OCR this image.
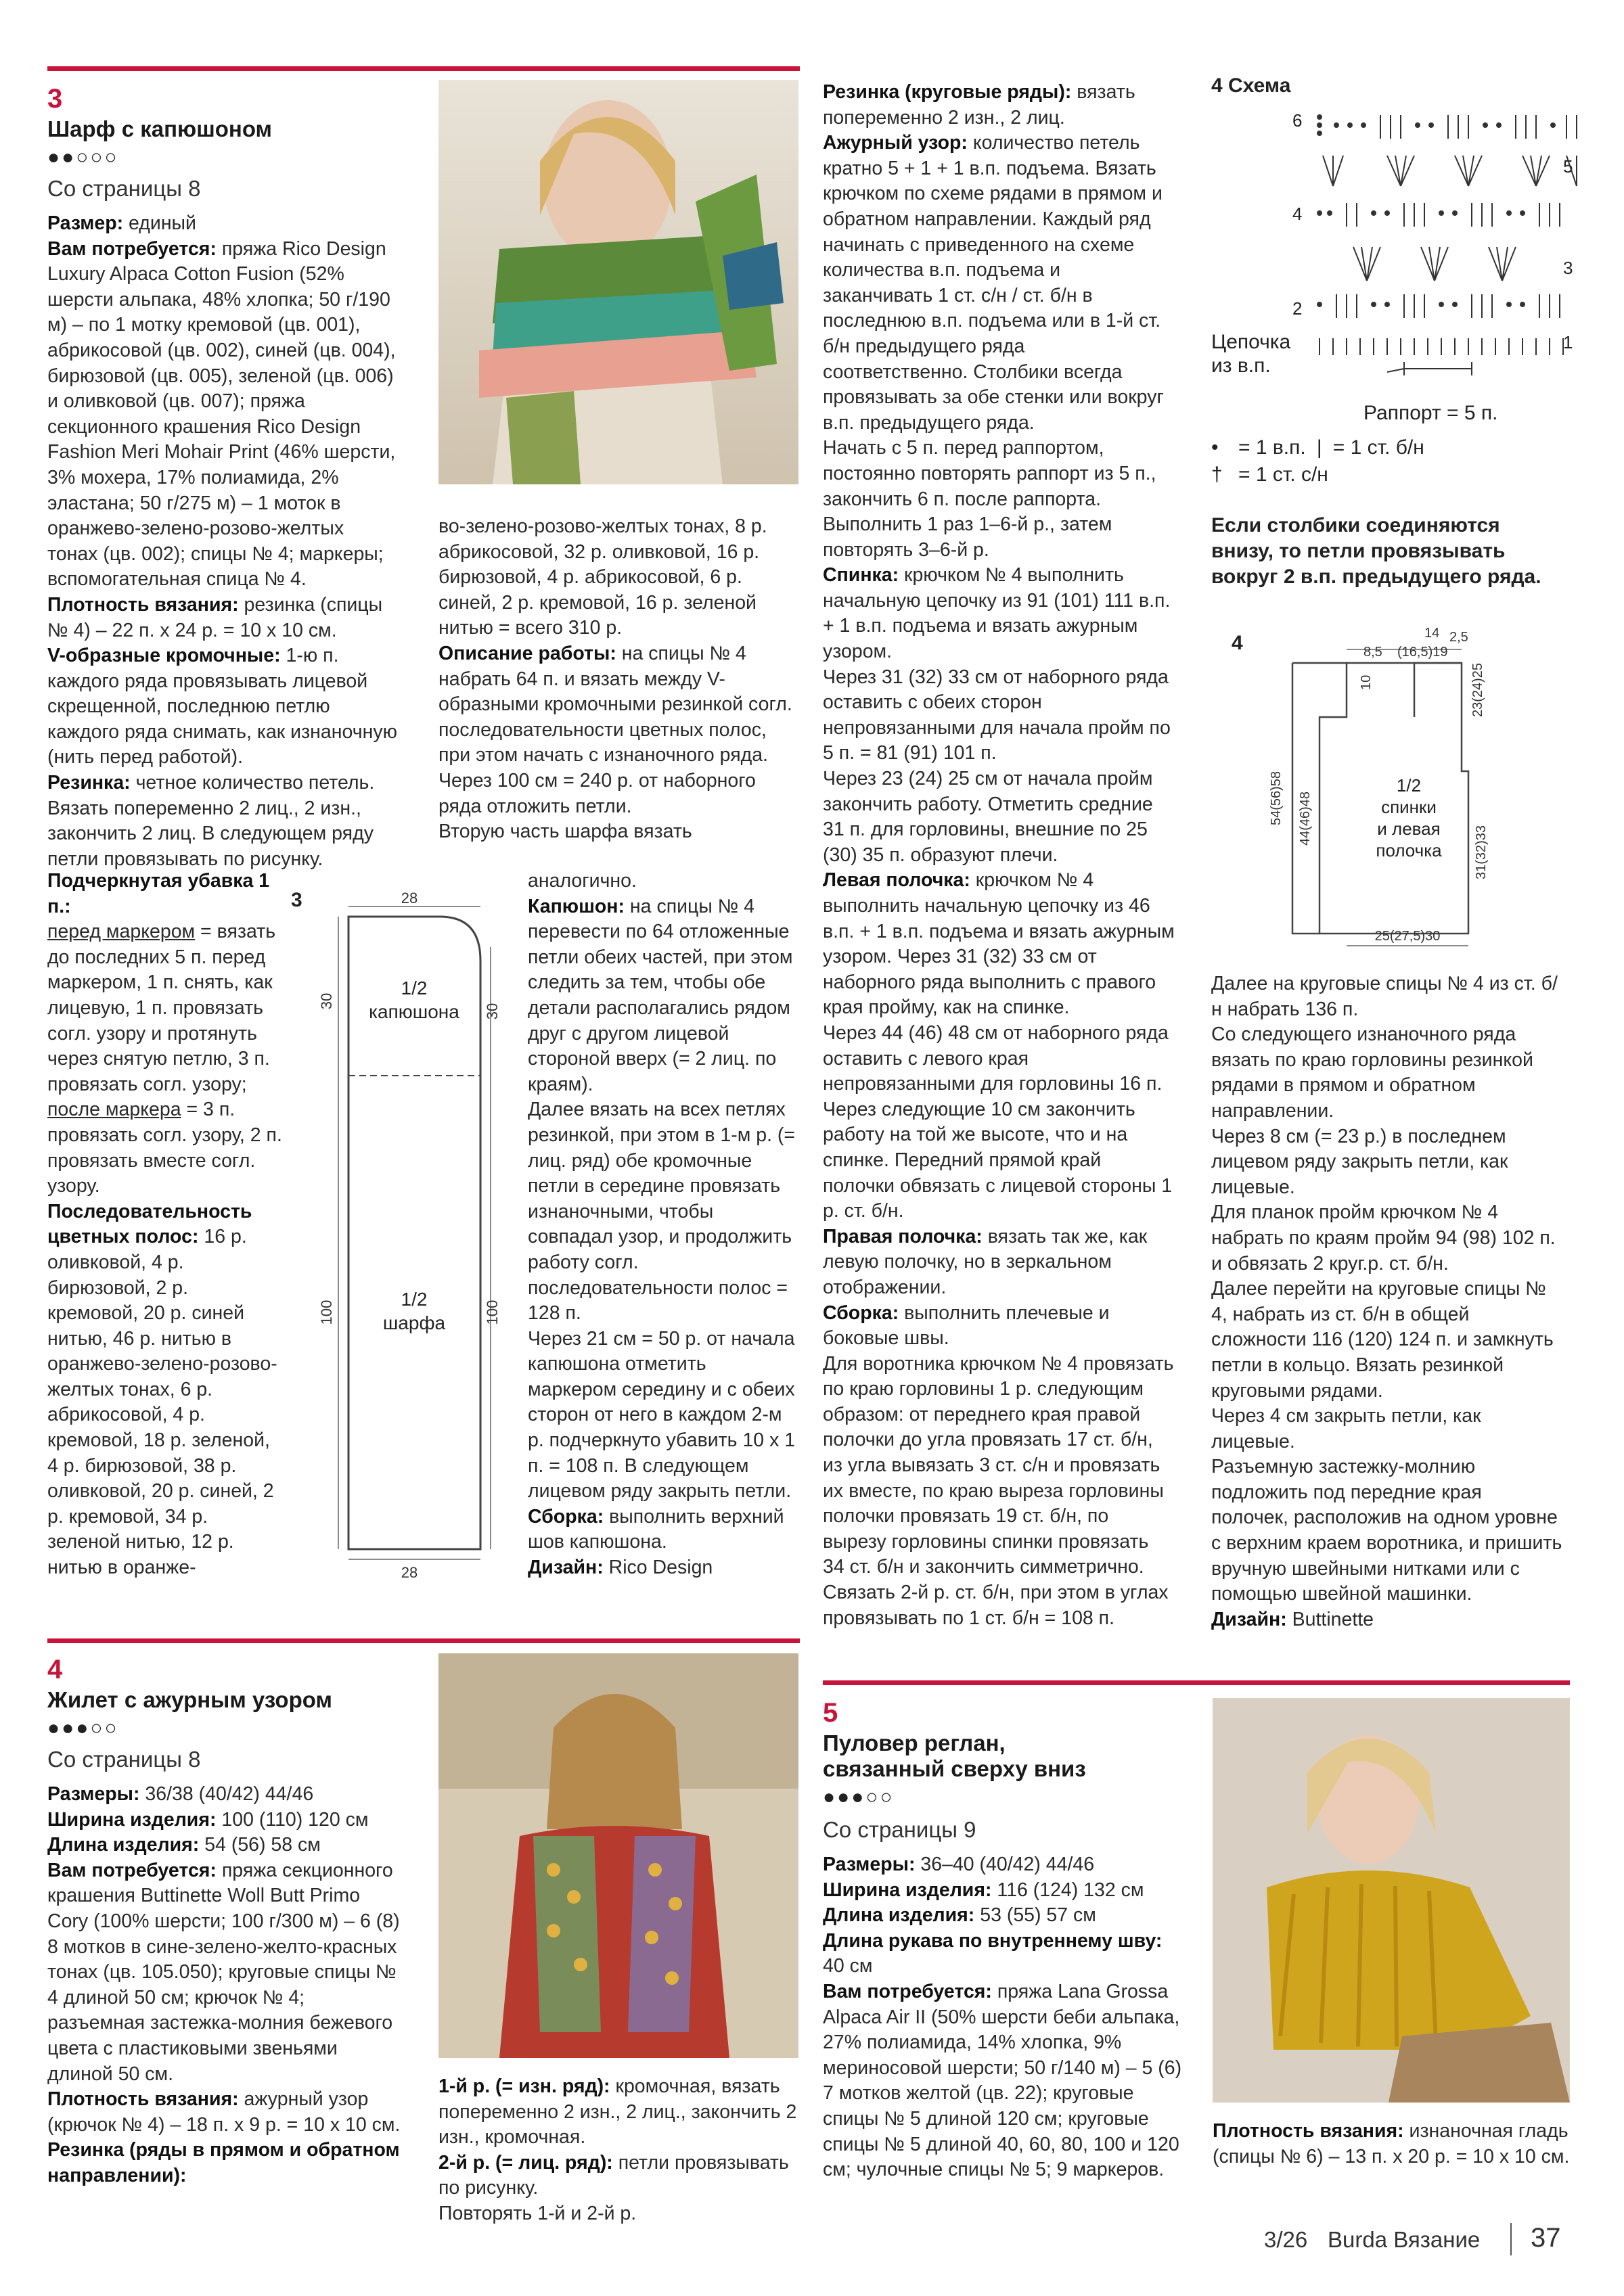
3
Шарф с капюшоном
●●○○○
Со страницы 8

Размер: единый

Вам потребуется: пряжа Rico Design Luxury Alpaca Cotton Fusion (52% шерсти альпака, 48% хлопка; 50 г/190 м) – по 1 мотку кремовой (цв. 001), абрикосовой (цв. 002), синей (цв. 004), бирюзовой (цв. 005), зеленой (цв. 006) и оливковой (цв. 007); пряжа секционного крашения Rico Design Fashion Meri Mohair Print (46% шерсти, 3% мохера, 17% полиамида, 2% эластана; 50 г/275 м) – 1 моток в оранжево-зелено-розово-желтых тонах (цв. 002); спицы № 4; маркеры; вспомогательная спица № 4.

Плотность вязания: резинка (спицы № 4) – 22 п. х 24 р. = 10 х 10 см.

V-образные кромочные: 1-ю п. каждого ряда провязывать лицевой скрещенной, последнюю петлю каждого ряда снимать, как изнаночную (нить перед работой).

Резинка: четное количество петель. Вязать попеременно 2 лиц., 2 изн., закончить 2 лиц. В следующем ряду петли провязывать по рисунку.

Подчеркнутая убавка 1 п.:

перед маркером = вязать до последних 5 п. перед маркером, 1 п. снять, как лицевую, 1 п. провязать согл. узору и протянуть через снятую петлю, 3 п. провязать согл. узору;

после маркера = 3 п. провязать согл. узору, 2 п. провязать вместе согл. узору.

Последовательность цветных полос: 16 р. оливковой, 4 р. бирюзовой, 2 р. кремовой, 20 р. синей нитью, 46 р. нитью в оранжево-зелено-розово-желтых тонах, 6 р. абрикосовой, 4 р. кремовой, 18 р. зеленой, 4 р. бирюзовой, 38 р. оливковой, 20 р. синей, 2 р. кремовой, 34 р. зеленой нитью, 12 р. нитью в оранже-

во-зелено-розово-желтых тонах, 8 р. абрикосовой, 32 р. оливковой, 16 р. бирюзовой, 4 р. абрикосовой, 6 р. синей, 2 р. кремовой, 16 р. зеленой нитью = всего 310 р.

Описание работы: на спицы № 4 набрать 64 п. и вязать между V-образными кромочными резинкой согл. последовательности цветных полос, при этом начать с изнаночного ряда.

Через 100 см = 240 р. от наборного ряда отложить петли.

Вторую часть шарфа вязать

аналогично.

Капюшон: на спицы № 4 перевести по 64 отложенные петли обеих частей, при этом следить за тем, чтобы обе детали располагались рядом друг с другом лицевой стороной вверх (= 2 лиц. по краям).

Далее вязать на всех петлях резинкой, при этом в 1-м р. (= лиц. ряд) обе кромочные петли в середине провязать изнаночными, чтобы совпадал узор, и продолжить работу согл. последовательности полос = 128 п.

Через 21 см = 50 р. от начала капюшона отметить маркером середину и с обеих сторон от него в каждом 2-м р. подчеркнуто убавить 10 х 1 п. = 108 п. В следующем лицевом ряду закрыть петли.

Сборка: выполнить верхний шов капюшона.

Дизайн: Rico Design

3	28
28
30
30
100	100
1/2
капюшона
1/2
шарфа

Резинка (круговые ряды): вязать попеременно 2 изн., 2 лиц.

Ажурный узор: количество петель кратно 5 + 1 + 1 в.п. подъема. Вязать крючком по схеме рядами в прямом и обратном направлении. Каждый ряд начинать с приведенного на схеме количества в.п. подъема и заканчивать 1 ст. с/н / ст. б/н в последнюю в.п. подъема или в 1-й ст. б/н предыдущего ряда соответственно. Столбики всегда провязывать за обе стенки или вокруг в.п. предыдущего ряда.

Начать с 5 п. перед раппортом, постоянно повторять раппорт из 5 п., закончить 6 п. после раппорта. Выполнить 1 раз 1–6-й р., затем повторять 3–6-й р.

Спинка: крючком № 4 выполнить начальную цепочку из 91 (101) 111 в.п. + 1 в.п. подъема и вязать ажурным узором.

Через 31 (32) 33 см от наборного ряда оставить с обеих сторон непровязанными для начала пройм по 5 п. = 81 (91) 101 п.

Через 23 (24) 25 см от начала пройм закончить работу. Отметить средние 31 п. для горловины, внешние по 25 (30) 35 п. образуют плечи.

Левая полочка: крючком № 4 выполнить начальную цепочку из 46 в.п. + 1 в.п. подъема и вязать ажурным узором. Через 31 (32) 33 см от наборного ряда выполнить с правого края пройму, как на спинке.

Через 44 (46) 48 см от наборного ряда оставить с левого края непровязанными для горловины 16 п. Через следующие 10 см закончить работу на той же высоте, что и на спинке. Передний прямой край полочки обвязать с лицевой стороны 1 р. ст. б/н.

Правая полочка: вязать так же, как левую полочку, но в зеркальном отображении.

Сборка: выполнить плечевые и боковые швы.

Для воротника крючком № 4 провязать по краю горловины 1 р. следующим образом: от переднего края правой полочки до угла провязать 17 ст. б/н, из угла вывязать 3 ст. с/н и провязать их вместе, по краю выреза горловины полочки провязать 19 ст. б/н, по вырезу горловины спинки провязать 34 ст. б/н и закончить симметрично.

Связать 2-й р. ст. б/н, при этом в углах провязывать по 1 ст. б/н = 108 п.

4 Схема
6
4
2
5
3
1
Цепочка
из в.п.
Раппорт = 5 п.
• = 1 в.п. | = 1 ст. б/н
† = 1 ст. с/н
Если столбики соединяются внизу, то петли провязывать вокруг 2 в.п. предыдущего ряда.
4	14
8,5 (16,5)19
2,5
10	23(24)25
54(56)58 44(46)48
31(32)33
25(27,5)30
1/2
спинки
и левая
полочка

Далее на круговые спицы № 4 из ст. б/н набрать 136 п.

Со следующего изнаночного ряда вязать по краю горловины резинкой рядами в прямом и обратном направлении.

Через 8 см (= 23 р.) в последнем лицевом ряду закрыть петли, как лицевые.

Для планок пройм крючком № 4 набрать по краям пройм 94 (98) 102 п. и обвязать 2 круг.р. ст. б/н.

Далее перейти на круговые спицы № 4, набрать из ст. б/н в общей сложности 116 (120) 124 п. и замкнуть петли в кольцо. Вязать резинкой круговыми рядами.

Через 4 см закрыть петли, как лицевые.

Разъемную застежку-молнию подложить под передние края полочек, расположив на одном уровне с верхним краем воротника, и пришить вручную швейными нитками или с помощью швейной машинки.

Дизайн: Buttinette

4
Жилет с ажурным узором
●●●○○
Со страницы 8

Размеры: 36/38 (40/42) 44/46

Ширина изделия: 100 (110) 120 см

Длина изделия: 54 (56) 58 см

Вам потребуется: пряжа секционного крашения Buttinette Woll Butt Primo Cory (100% шерсти; 100 г/300 м) – 6 (8) 8 мотков в сине-зелено-желто-красных тонах (цв. 105.050); круговые спицы № 4 длиной 50 см; крючок № 4; разъемная застежка-молния бежевого цвета с пластиковыми звеньями длиной 50 см.

Плотность вязания: ажурный узор (крючок № 4) – 18 п. х 9 р. = 10 х 10 см.

Резинка (ряды в прямом и обратном направлении):

1-й р. (= изн. ряд): кромочная, вязать попеременно 2 изн., 2 лиц., закончить 2 изн., кромочная.

2-й р. (= лиц. ряд): петли провязывать по рисунку.

Повторять 1-й и 2-й р.

5
Пуловер реглан,
связанный сверху вниз
●●●○○
Со страницы 9

Размеры: 36–40 (40/42) 44/46

Ширина изделия: 116 (124) 132 см

Длина изделия: 53 (55) 57 см

Длина рукава по внутреннему шву: 40 см

Вам потребуется: пряжа Lana Grossa Alpaca Air II (50% шерсти беби альпака, 27% полиамида, 14% хлопка, 9% мериносовой шерсти; 50 г/140 м) – 5 (6) 7 мотков желтой (цв. 22); круговые спицы № 5 длиной 120 см; круговые спицы № 5 длиной 40, 60, 80, 100 и 120 см; чулочные спицы № 5; 9 маркеров.

Плотность вязания: изнаночная гладь (спицы № 6) – 13 п. х 20 р. = 10 х 10 см.

3/26 Burda Вязание 37
